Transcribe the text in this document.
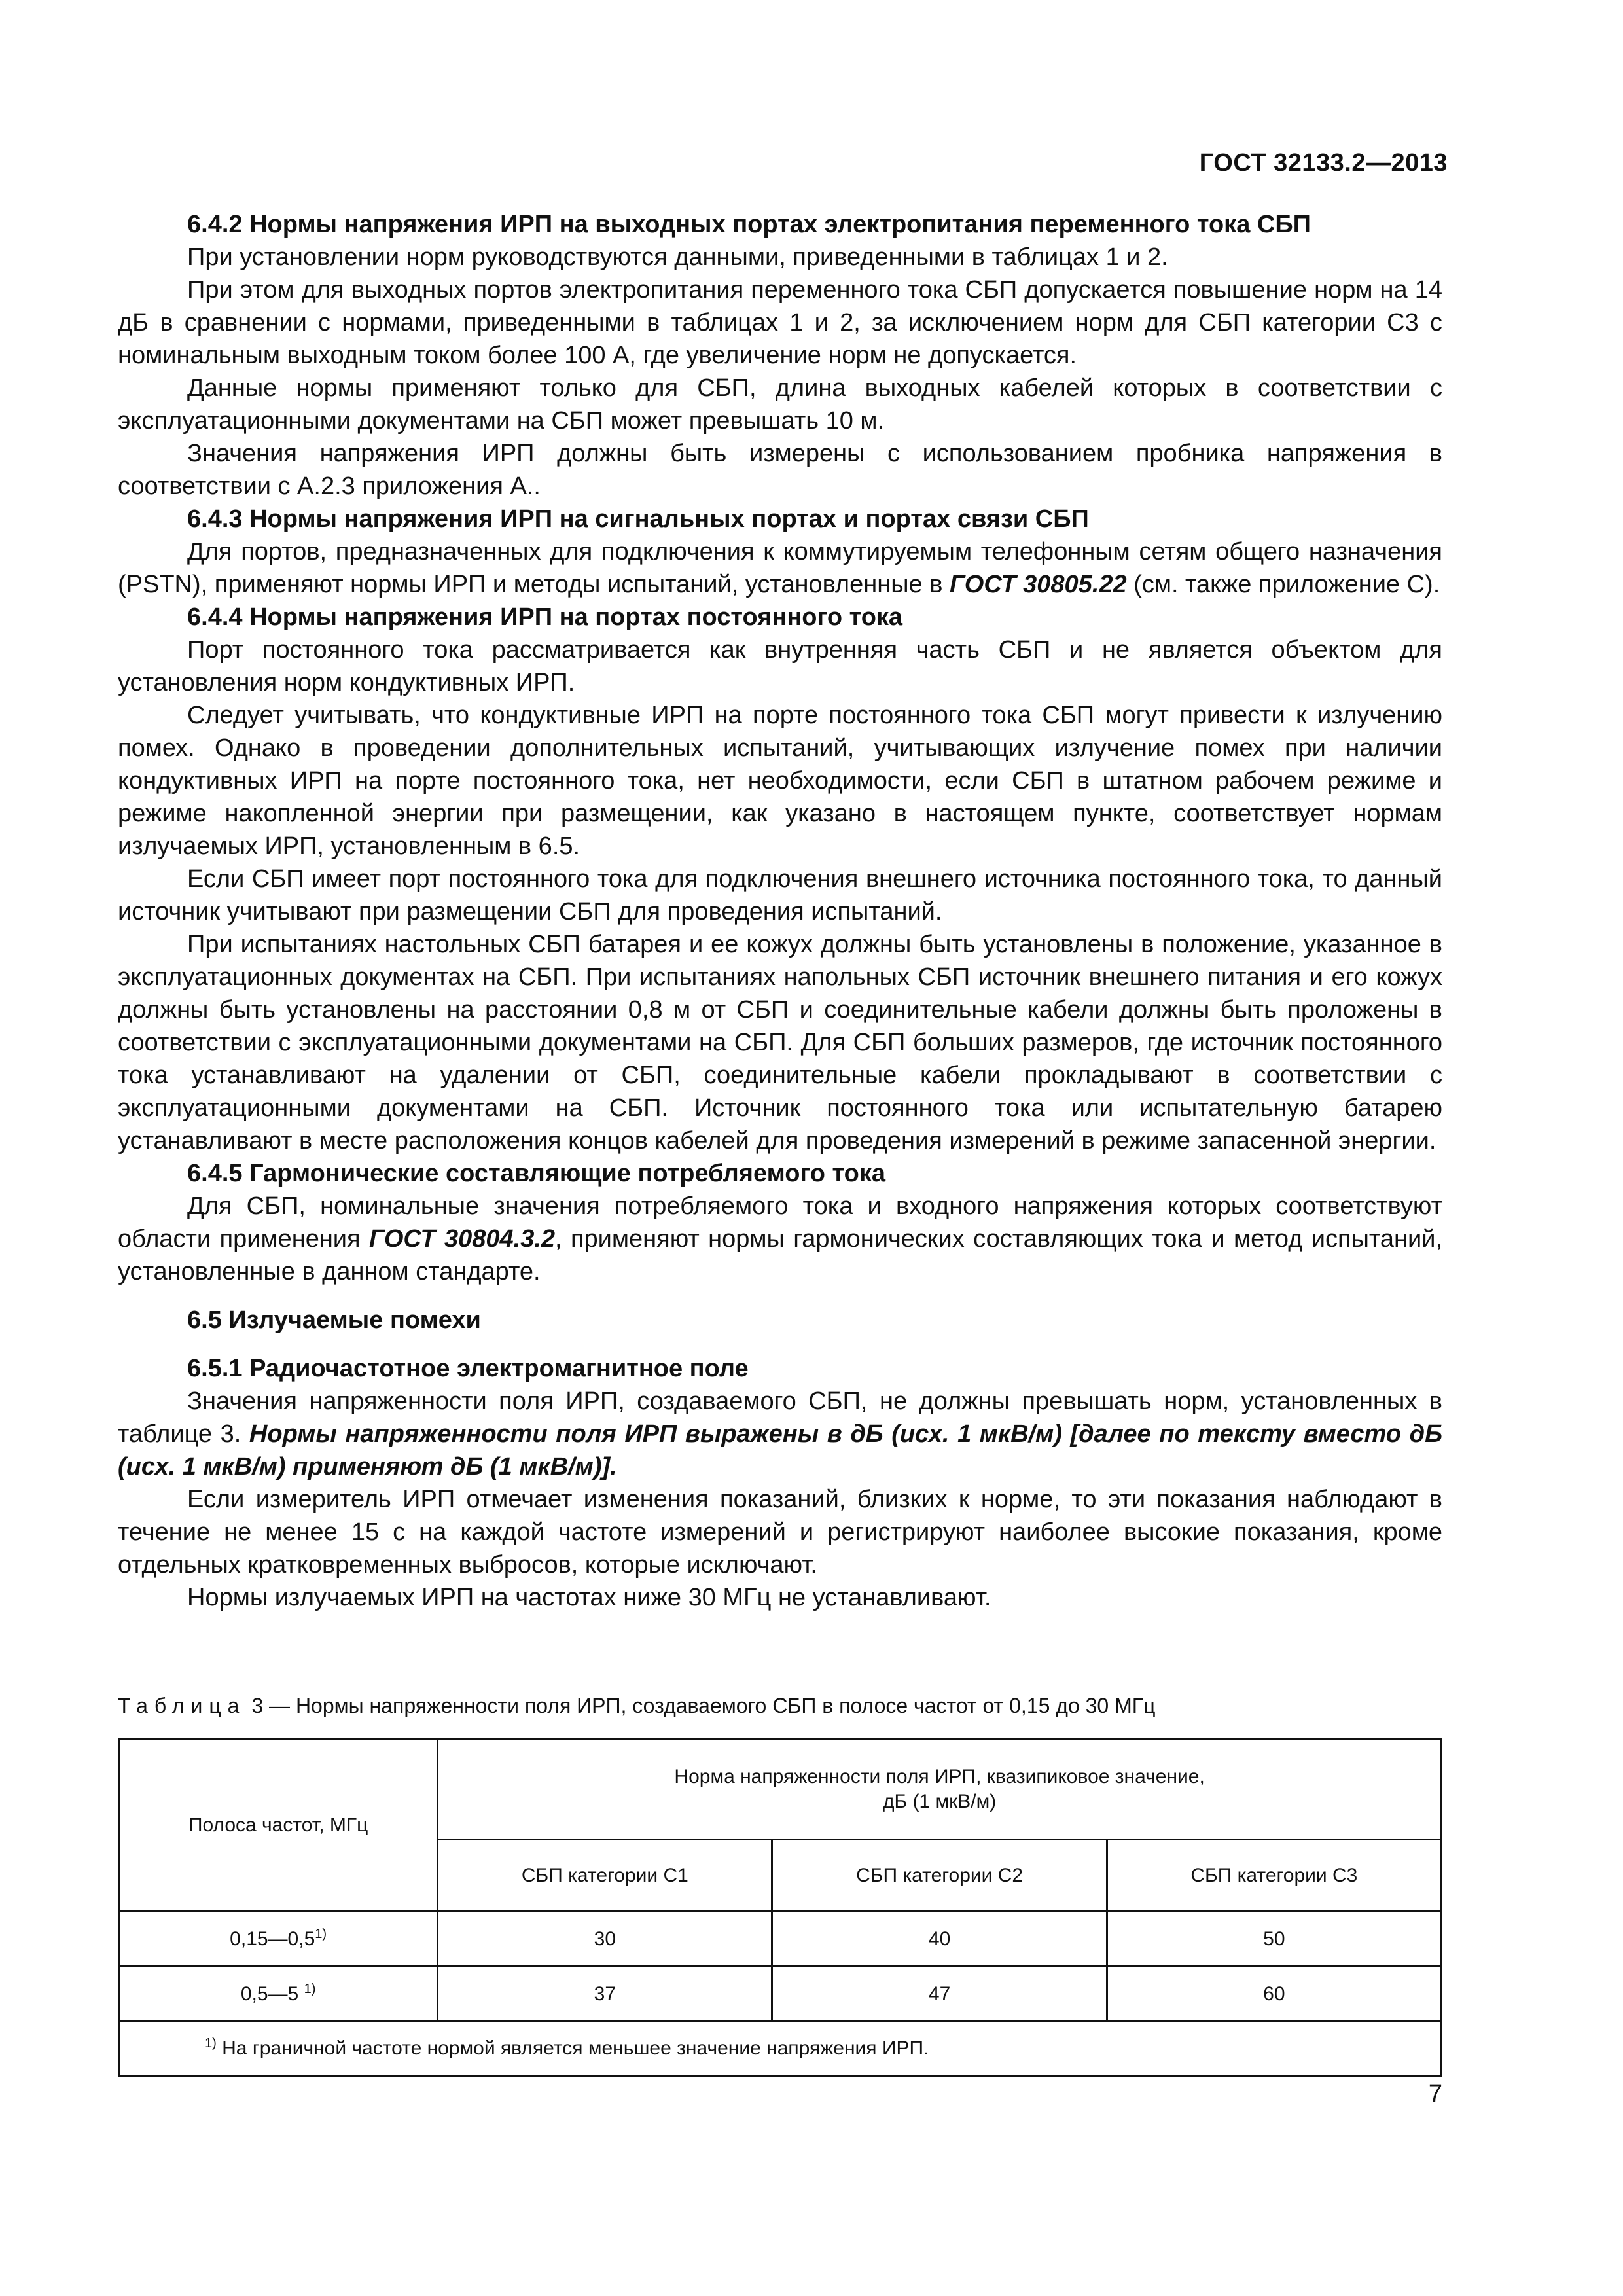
ГОСТ 32133.2—2013
6.4.2 Нормы напряжения ИРП на выходных портах электропитания переменного тока СБП

При установлении норм руководствуются данными, приведенными в таблицах 1 и 2.

При этом для выходных портов электропитания переменного тока СБП допускается повышение норм на 14 дБ в сравнении с нормами, приведенными в таблицах 1 и 2, за исключением норм для СБП категории С3 с номинальным выходным током более 100 А, где увеличение норм не допускается.

Данные нормы применяют только для СБП, длина выходных кабелей которых в соответствии с эксплуатационными документами на СБП может превышать 10 м.

Значения напряжения ИРП должны быть измерены с использованием пробника напряжения в соответствии с А.2.3 приложения А..

6.4.3 Нормы напряжения ИРП на сигнальных портах и портах связи СБП

Для портов, предназначенных для подключения к коммутируемым телефонным сетям общего назначения (PSTN), применяют нормы ИРП и методы испытаний, установленные в ГОСТ 30805.22 (см. также приложение С).

6.4.4 Нормы напряжения ИРП на портах постоянного тока

Порт постоянного тока рассматривается как внутренняя часть СБП и не является объектом для установления норм кондуктивных ИРП.

Следует учитывать, что кондуктивные ИРП на порте постоянного тока СБП могут привести к излучению помех. Однако в проведении дополнительных испытаний, учитывающих излучение помех при наличии кондуктивных ИРП на порте постоянного тока, нет необходимости, если СБП в штатном рабочем режиме и режиме накопленной энергии при размещении, как указано в настоящем пункте, соответствует нормам излучаемых ИРП, установленным в 6.5.

Если СБП имеет порт постоянного тока для подключения внешнего источника постоянного тока, то данный источник учитывают при размещении СБП для проведения испытаний.

При испытаниях настольных СБП батарея и ее кожух должны быть установлены в положение, указанное в эксплуатационных документах на СБП. При испытаниях напольных СБП источник внешнего питания и его кожух должны быть установлены на расстоянии 0,8 м от СБП и соединительные кабели должны быть проложены в соответствии с эксплуатационными документами на СБП. Для СБП больших размеров, где источник постоянного тока устанавливают на удалении от СБП, соединительные кабели прокладывают в соответствии с эксплуатационными документами на СБП. Источник постоянного тока или испытательную батарею устанавливают в месте расположения концов кабелей для проведения измерений в режиме запасенной энергии.

6.4.5 Гармонические составляющие потребляемого тока

Для СБП, номинальные значения потребляемого тока и входного напряжения которых соответствуют области применения ГОСТ 30804.3.2, применяют нормы гармонических составляющих тока и метод испытаний, установленные в данном стандарте.

6.5 Излучаемые помехи
6.5.1 Радиочастотное электромагнитное поле

Значения напряженности поля ИРП, создаваемого СБП, не должны превышать норм, установленных в таблице 3. Нормы напряженности поля ИРП выражены в дБ (исх. 1 мкВ/м) [далее по тексту вместо дБ (исх. 1 мкВ/м) применяют дБ (1 мкВ/м)].

Если измеритель ИРП отмечает изменения показаний, близких к норме, то эти показания наблюдают в течение не менее 15 с на каждой частоте измерений и регистрируют наиболее высокие показания, кроме отдельных кратковременных выбросов, которые исключают.

Нормы излучаемых ИРП на частотах ниже 30 МГц не устанавливают.

Таблица 3 — Нормы напряженности поля ИРП, создаваемого СБП в полосе частот от 0,15 до 30 МГц
Полоса частот, МГц	Норма напряженности поля ИРП, квазипиковое значение,
дБ (1 мкВ/м)		
	СБП категории С1	СБП категории С2	СБП категории С3
0,15—0,5$^{1)}$	30	40	50
0,5—5 $^{1)}$	37	47	60
$^{1)}$ На граничной частоте нормой является меньшее значение напряжения ИРП.			
7
